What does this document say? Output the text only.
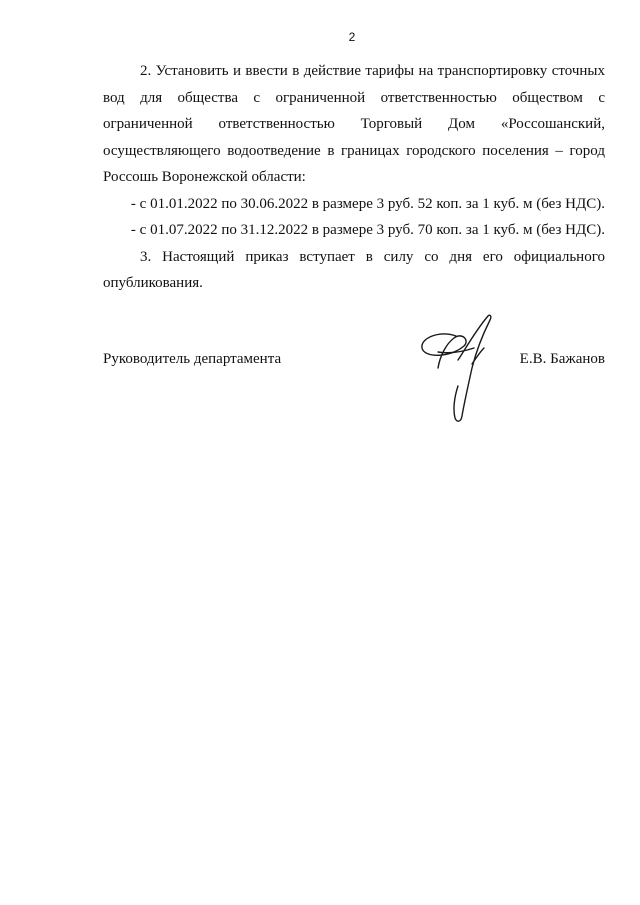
2

2. Установить и ввести в действие тарифы на транспортировку сточных вод для общества с ограниченной ответственностью обществом с ограниченной ответственностью Торговый Дом «Россошанский, осуществляющего водоотведение в границах городского поселения – город Россошь Воронежской области:

- с 01.01.2022 по 30.06.2022 в размере 3 руб. 52 коп. за 1 куб. м (без НДС).

- с 01.07.2022 по 31.12.2022 в размере 3 руб. 70 коп. за 1 куб. м (без НДС).

3. Настоящий приказ вступает в силу со дня его официального опубликования.

Руководитель департамента	Е.В. Бажанов
